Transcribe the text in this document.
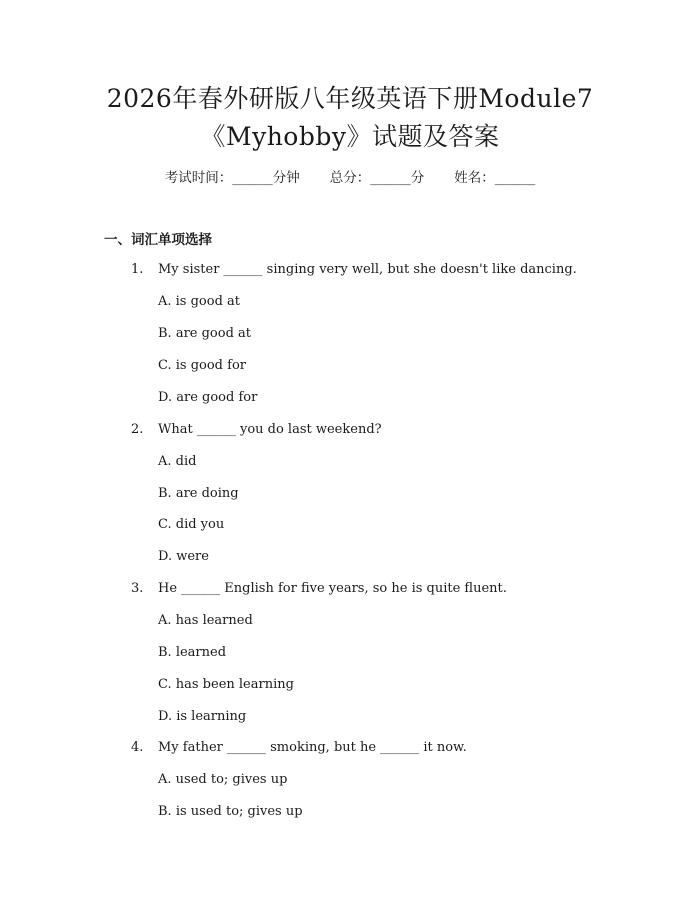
2026年春外研版八年级英语下册Module7
《Myhobby》试题及答案
考试时间：______分钟 总分：______分 姓名：______
一、词汇单项选择
1.	My sister ______ singing very well, but she doesn't like dancing.
A. is good at
B. are good at
C. is good for
D. are good for
2.	What ______ you do last weekend?
A. did
B. are doing
C. did you
D. were
3.	He ______ English for five years, so he is quite fluent.
A. has learned
B. learned
C. has been learning
D. is learning
4.	My father ______ smoking, but he ______ it now.
A. used to; gives up
B. is used to; gives up
